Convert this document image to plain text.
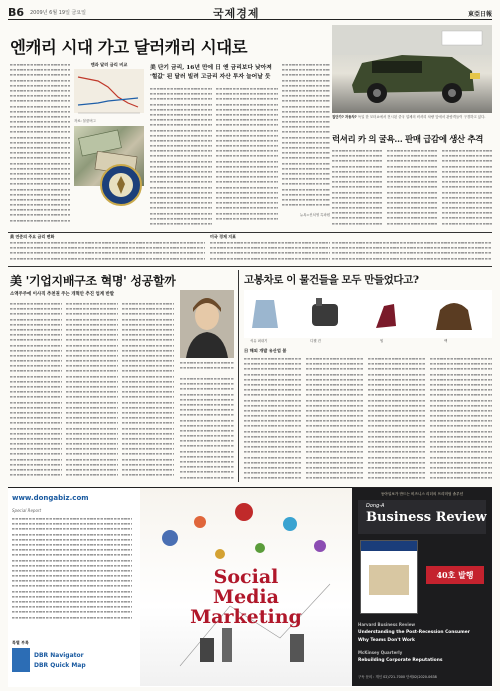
B6 2009년 6월 19일 금요일	국제경제	東亞日報
엔캐리 시대 가고 달러캐리 시대로

엔과 달러 금리 비교
자료: 블룸버그
美 단기 금리, 16년 만에 日 앤 금리보다 낮아져
'헐값' 된 달러 빌려 고금리 자산 투자 늘어날 듯

뉴욕=신치영 특파원
집단가? 자동차? 독일 한 모터쇼에서 전시된 중국 업체의 럭셔리 차량 앞에서 관람객들이 구경하고 있다.
럭셔리 카 의 굴욕… 판매 급감에 생산 추격

美 연준의 주요 금리 변화	미국 경제 지표

美 '기업지배구조 혁명' 성공할까
소액주주에 이사직 추천권 주는 개혁안 추진 업계 반발

고봉차로 이 물건들을 모두 만들었다고?
석유 퍼내기	디젤 건	힐	백
日 해외 개발 유산업 붐

www.dongabiz.com
Special Report

특별 부록
DBR Navigator
DBR Quick Map
Social
Media
Marketing
동아일보가 만드는 비즈니스 리더의 프리미엄 솔루션
Dong-A
Business Review
40호 발행
Harvard Business Review
Understanding the Post-Recession Consumer
Why Teams Don't Work
McKinsey Quarterly
Rebuilding Corporate Reputations
구독 문의 : 개인 02)721-7000 단체02)2020-0638
